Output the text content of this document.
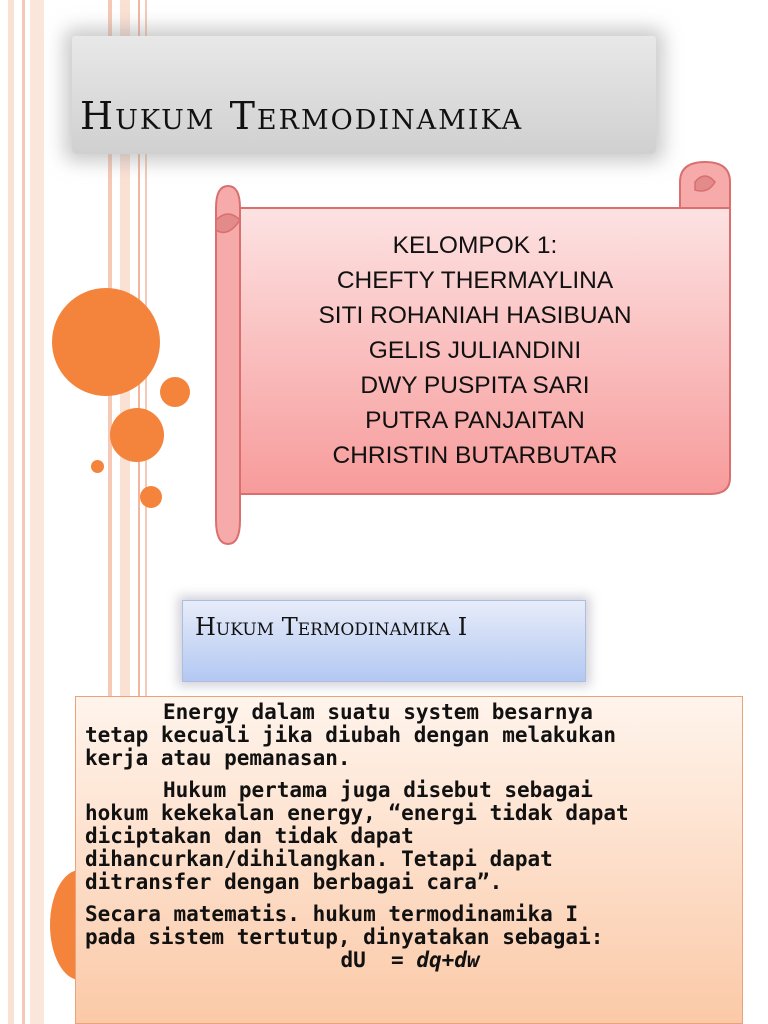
Hukum Termodinamika
KELOMPOK 1:
CHEFTY THERMAYLINA
SITI ROHANIAH HASIBUAN
GELIS JULIANDINI
DWY PUSPITA SARI
PUTRA PANJAITAN
CHRISTIN BUTARBUTAR
Hukum Termodinamika I

Energy dalam suatu system besarnya

tetap kecuali jika diubah dengan melakukan

kerja atau pemanasan.

Hukum pertama juga disebut sebagai

hokum kekekalan energy, “energi tidak dapat

diciptakan dan tidak dapat

dihancurkan/dihilangkan. Tetapi dapat

ditransfer dengan berbagai cara”.

Secara matematis. hukum termodinamika I

pada sistem tertutup, dinyatakan sebagai:

dU  = dq+dw
